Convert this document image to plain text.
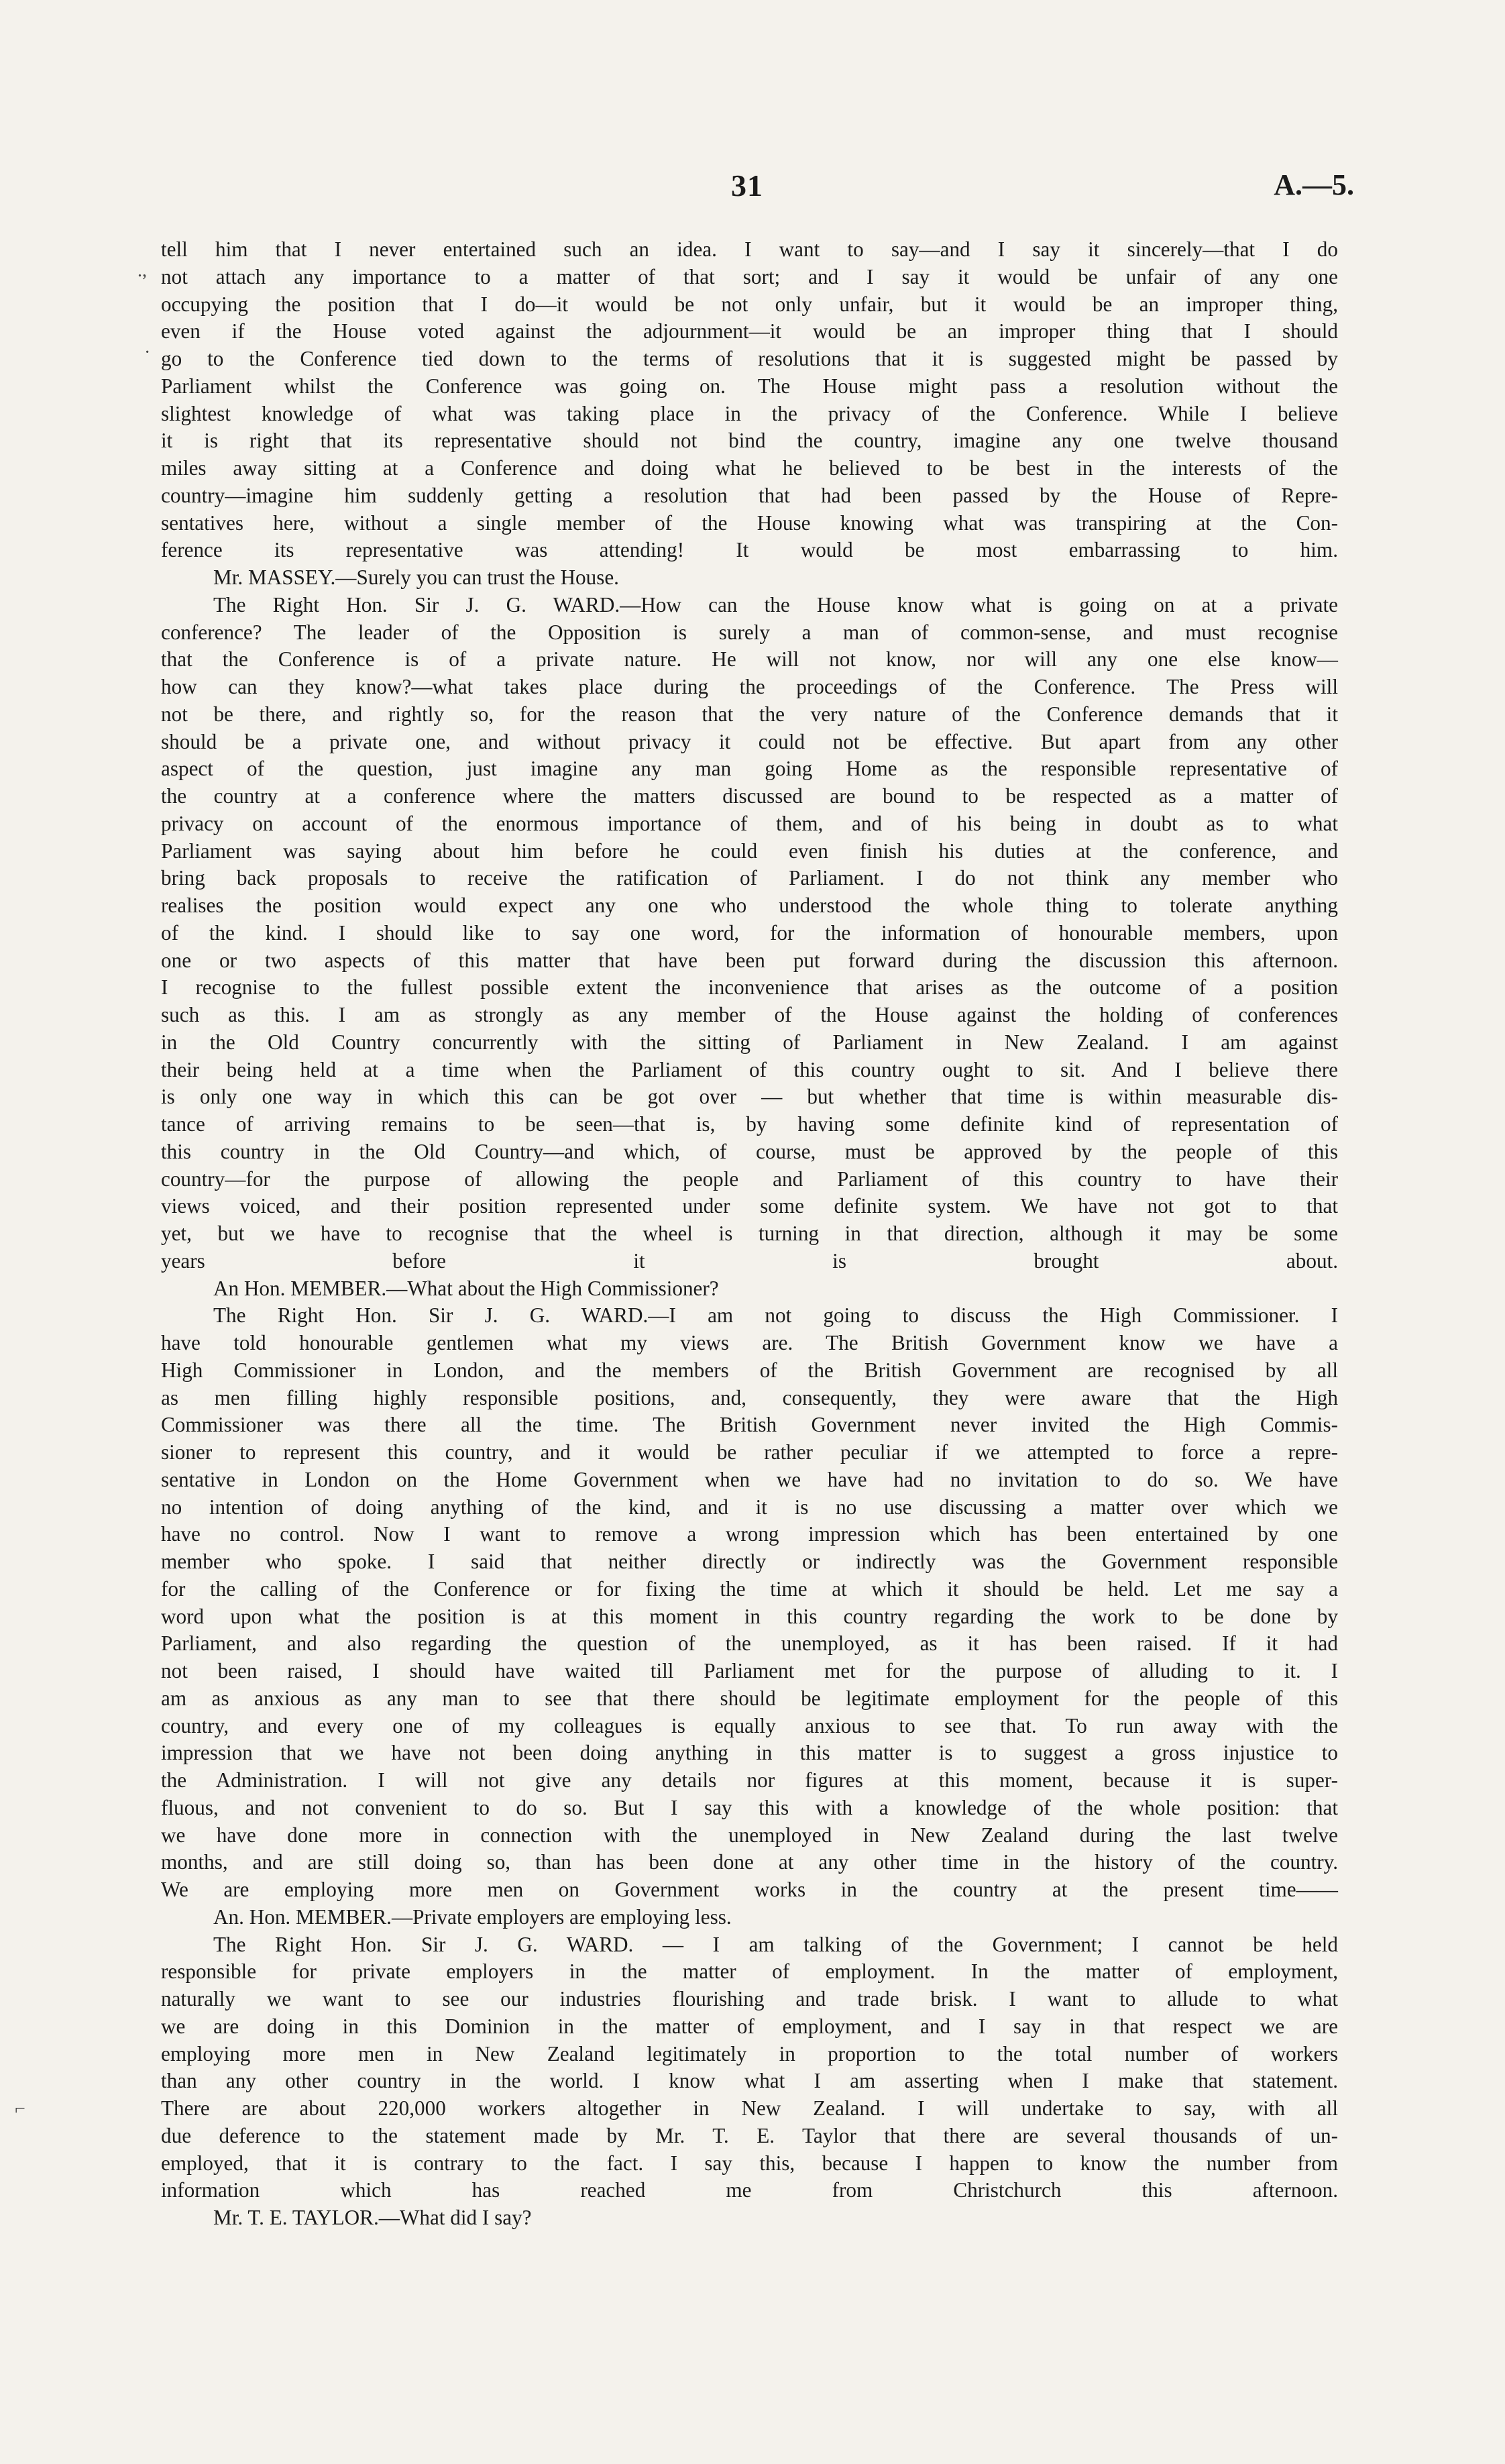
31	A.—5.
.,
·
⌐
tell him that I never entertained such an idea. I want to say—and I say it sincerely—that I do
not attach any importance to a matter of that sort; and I say it would be unfair of any one
occupying the position that I do—it would be not only unfair, but it would be an improper thing,
even if the House voted against the adjournment—it would be an improper thing that I should
go to the Conference tied down to the terms of resolutions that it is suggested might be passed by
Parliament whilst the Conference was going on. The House might pass a resolution without the
slightest knowledge of what was taking place in the privacy of the Conference. While I believe
it is right that its representative should not bind the country, imagine any one twelve thousand
miles away sitting at a Conference and doing what he believed to be best in the interests of the
country—imagine him suddenly getting a resolution that had been passed by the House of Repre-
sentatives here, without a single member of the House knowing what was transpiring at the Con-
ference its representative was attending! It would be most embarrassing to him.
Mr. MASSEY.—Surely you can trust the House.
The Right Hon. Sir J. G. WARD.—How can the House know what is going on at a private
conference? The leader of the Opposition is surely a man of common-sense, and must recognise
that the Conference is of a private nature. He will not know, nor will any one else know—
how can they know?—what takes place during the proceedings of the Conference. The Press will
not be there, and rightly so, for the reason that the very nature of the Conference demands that it
should be a private one, and without privacy it could not be effective. But apart from any other
aspect of the question, just imagine any man going Home as the responsible representative of
the country at a conference where the matters discussed are bound to be respected as a matter of
privacy on account of the enormous importance of them, and of his being in doubt as to what
Parliament was saying about him before he could even finish his duties at the conference, and
bring back proposals to receive the ratification of Parliament. I do not think any member who
realises the position would expect any one who understood the whole thing to tolerate anything
of the kind. I should like to say one word, for the information of honourable members, upon
one or two aspects of this matter that have been put forward during the discussion this afternoon.
I recognise to the fullest possible extent the inconvenience that arises as the outcome of a position
such as this. I am as strongly as any member of the House against the holding of conferences
in the Old Country concurrently with the sitting of Parliament in New Zealand. I am against
their being held at a time when the Parliament of this country ought to sit. And I believe there
is only one way in which this can be got over — but whether that time is within measurable dis-
tance of arriving remains to be seen—that is, by having some definite kind of representation of
this country in the Old Country—and which, of course, must be approved by the people of this
country—for the purpose of allowing the people and Parliament of this country to have their
views voiced, and their position represented under some definite system. We have not got to that
yet, but we have to recognise that the wheel is turning in that direction, although it may be some
years before it is brought about.
An Hon. MEMBER.—What about the High Commissioner?
The Right Hon. Sir J. G. WARD.—I am not going to discuss the High Commissioner. I
have told honourable gentlemen what my views are. The British Government know we have a
High Commissioner in London, and the members of the British Government are recognised by all
as men filling highly responsible positions, and, consequently, they were aware that the High
Commissioner was there all the time. The British Government never invited the High Commis-
sioner to represent this country, and it would be rather peculiar if we attempted to force a repre-
sentative in London on the Home Government when we have had no invitation to do so. We have
no intention of doing anything of the kind, and it is no use discussing a matter over which we
have no control. Now I want to remove a wrong impression which has been entertained by one
member who spoke. I said that neither directly or indirectly was the Government responsible
for the calling of the Conference or for fixing the time at which it should be held. Let me say a
word upon what the position is at this moment in this country regarding the work to be done by
Parliament, and also regarding the question of the unemployed, as it has been raised. If it had
not been raised, I should have waited till Parliament met for the purpose of alluding to it. I
am as anxious as any man to see that there should be legitimate employment for the people of this
country, and every one of my colleagues is equally anxious to see that. To run away with the
impression that we have not been doing anything in this matter is to suggest a gross injustice to
the Administration. I will not give any details nor figures at this moment, because it is super-
fluous, and not convenient to do so. But I say this with a knowledge of the whole position: that
we have done more in connection with the unemployed in New Zealand during the last twelve
months, and are still doing so, than has been done at any other time in the history of the country.
We are employing more men on Government works in the country at the present time——
An. Hon. MEMBER.—Private employers are employing less.
The Right Hon. Sir J. G. WARD. — I am talking of the Government; I cannot be held
responsible for private employers in the matter of employment. In the matter of employment,
naturally we want to see our industries flourishing and trade brisk. I want to allude to what
we are doing in this Dominion in the matter of employment, and I say in that respect we are
employing more men in New Zealand legitimately in proportion to the total number of workers
than any other country in the world. I know what I am asserting when I make that statement.
There are about 220,000 workers altogether in New Zealand. I will undertake to say, with all
due deference to the statement made by Mr. T. E. Taylor that there are several thousands of un-
employed, that it is contrary to the fact. I say this, because I happen to know the number from
information which has reached me from Christchurch this afternoon.
Mr. T. E. TAYLOR.—What did I say?
